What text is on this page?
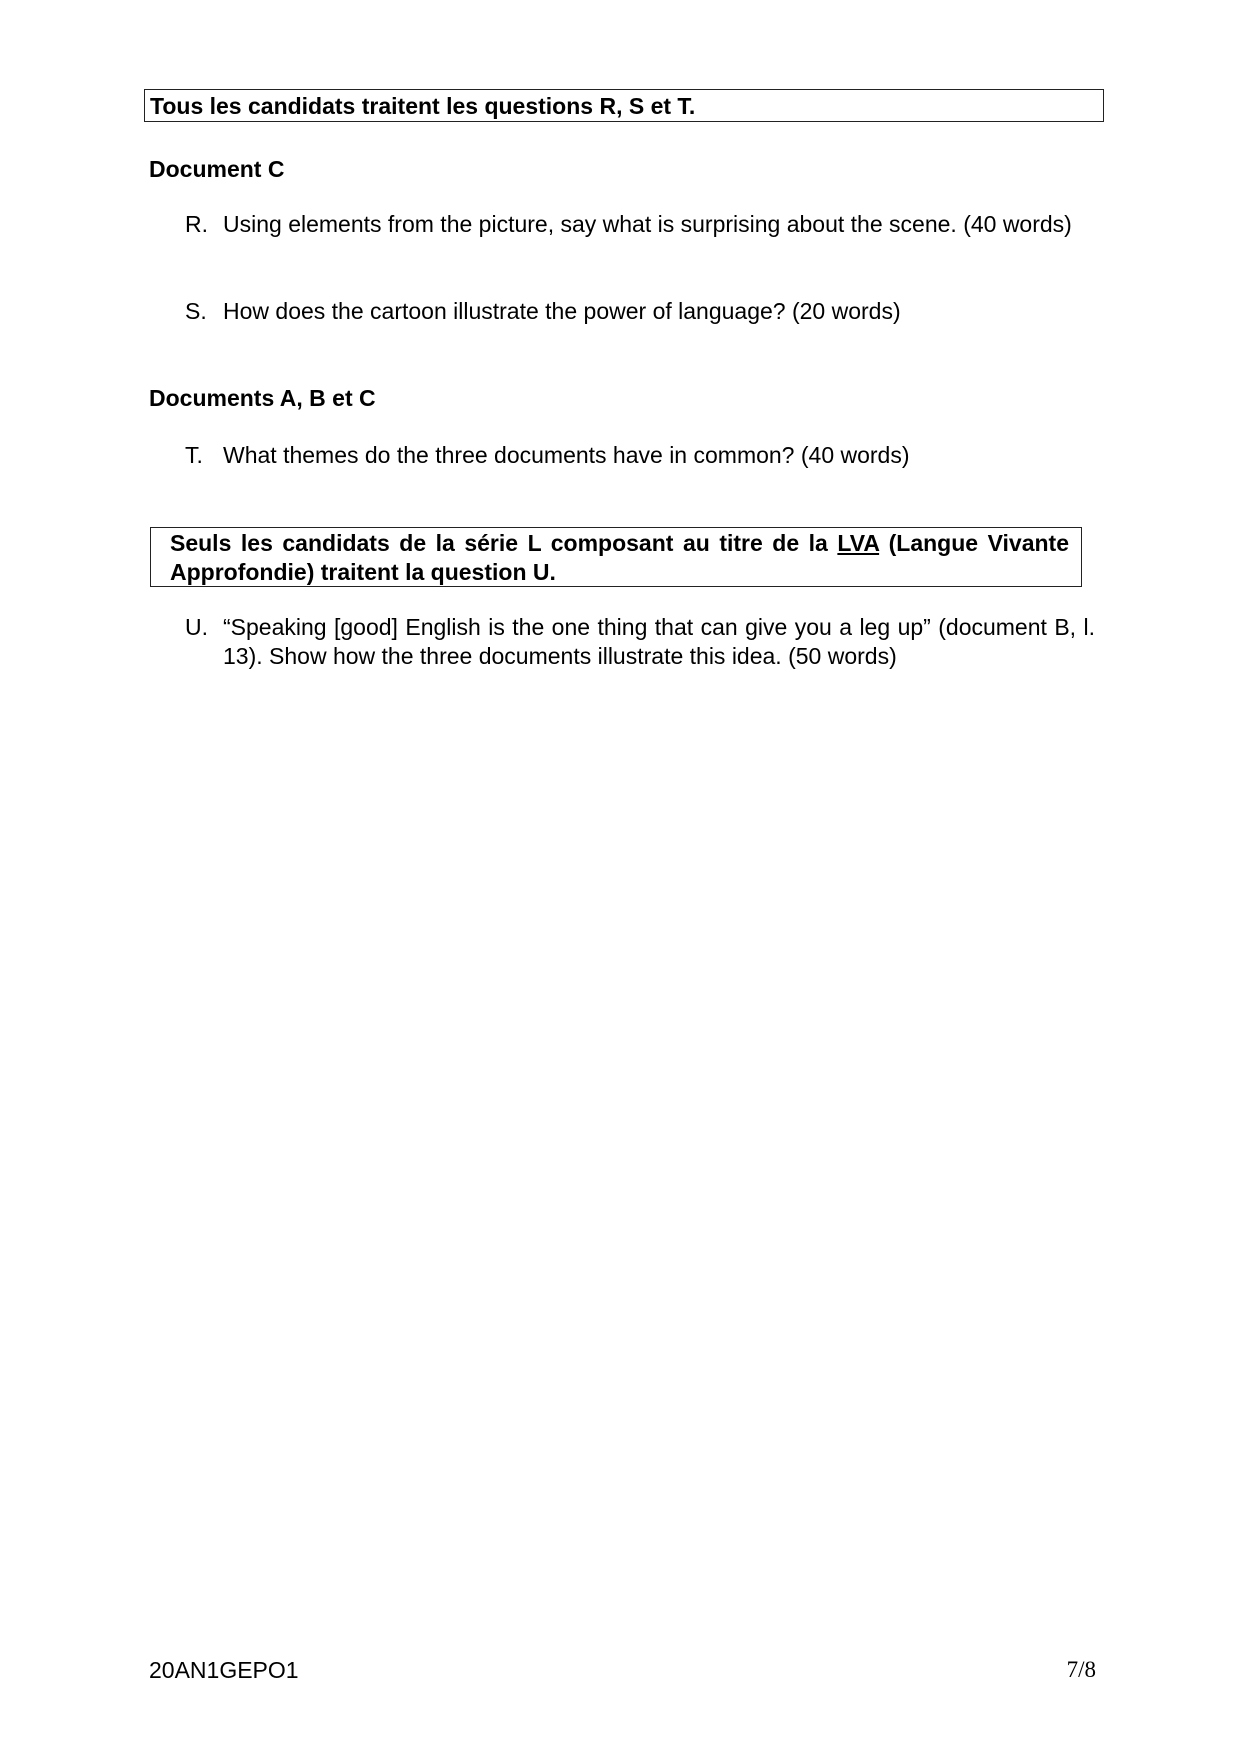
Tous les candidats traitent les questions R, S et T.
Document C
R. Using elements from the picture, say what is surprising about the scene. (40 words)
S. How does the cartoon illustrate the power of language? (20 words)
Documents A, B et C
T. What themes do the three documents have in common? (40 words)
Seuls les candidats de la série L composant au titre de la LVA (Langue Vivante Approfondie) traitent la question U.
U. “Speaking [good] English is the one thing that can give you a leg up” (document B, l. 13). Show how the three documents illustrate this idea. (50 words)
20AN1GEPO1	7/8
